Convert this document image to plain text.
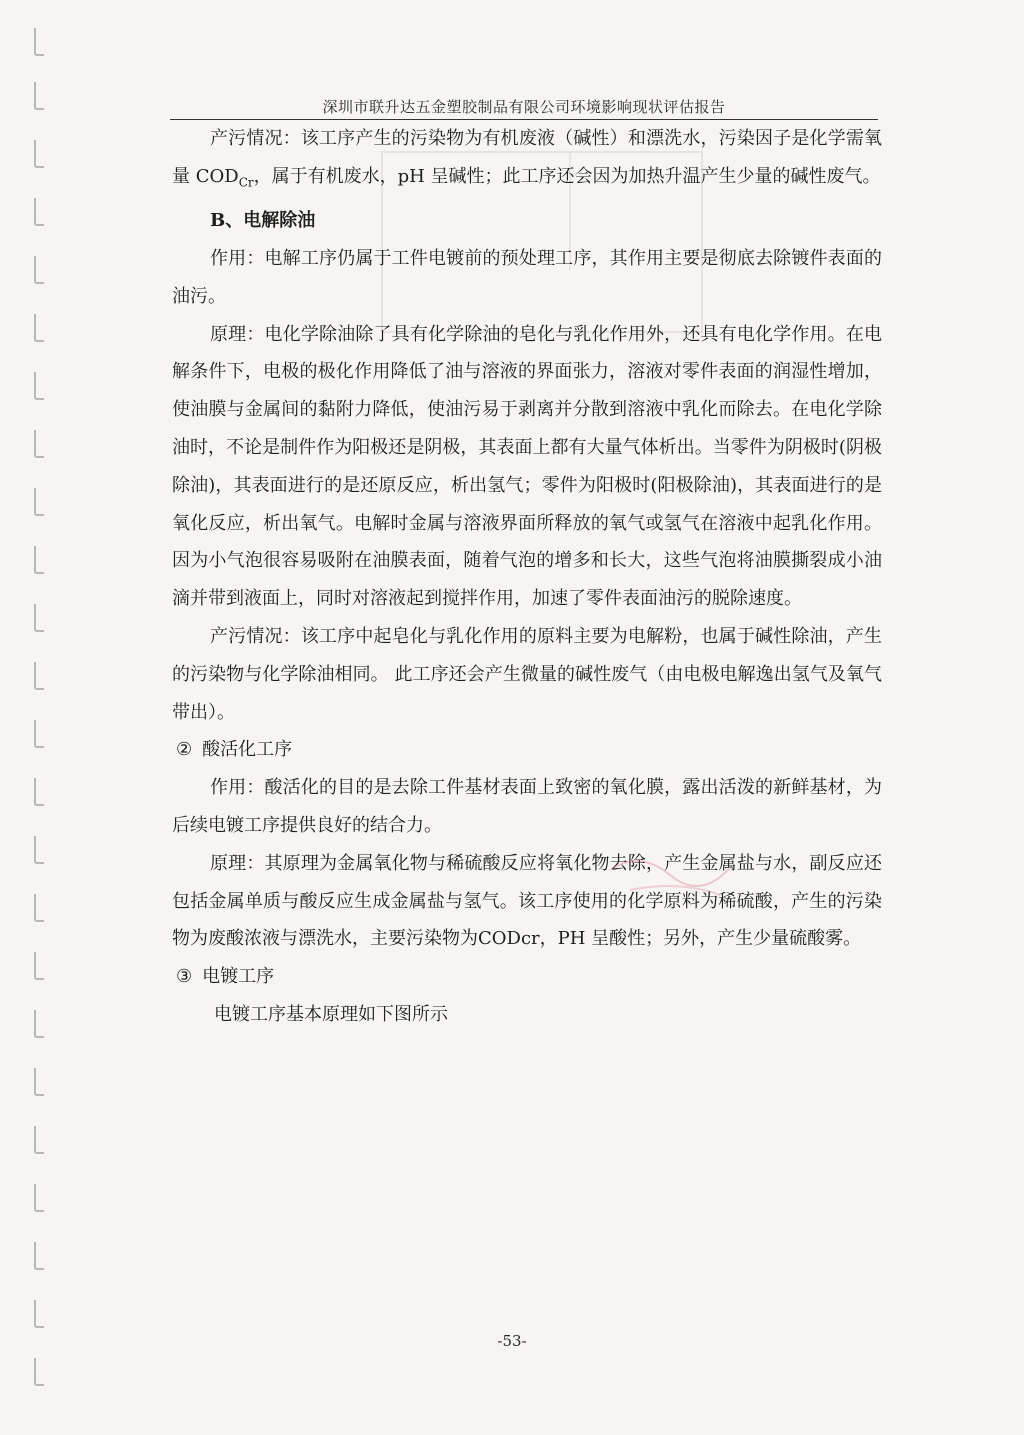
深圳市联升达五金塑胶制品有限公司环境影响现状评估报告

产污情况：该工序产生的污染物为有机废液（碱性）和漂洗水，污染因子是化学需氧量 $COD_{Cr}$，属于有机废水，pH 呈碱性；此工序还会因为加热升温产生少量的碱性废气。

B、电解除油

作用：电解工序仍属于工件电镀前的预处理工序，其作用主要是彻底去除镀件表面的油污。

原理：电化学除油除了具有化学除油的皂化与乳化作用外，还具有电化学作用。在电解条件下，电极的极化作用降低了油与溶液的界面张力，溶液对零件表面的润湿性增加，使油膜与金属间的黏附力降低，使油污易于剥离并分散到溶液中乳化而除去。在电化学除油时，不论是制件作为阳极还是阴极，其表面上都有大量气体析出。当零件为阴极时(阴极除油)，其表面进行的是还原反应，析出氢气；零件为阳极时(阳极除油)，其表面进行的是氧化反应，析出氧气。电解时金属与溶液界面所释放的氧气或氢气在溶液中起乳化作用。因为小气泡很容易吸附在油膜表面，随着气泡的增多和长大，这些气泡将油膜撕裂成小油滴并带到液面上，同时对溶液起到搅拌作用，加速了零件表面油污的脱除速度。

产污情况：该工序中起皂化与乳化作用的原料主要为电解粉，也属于碱性除油，产生的污染物与化学除油相同。 此工序还会产生微量的碱性废气（由电极电解逸出氢气及氧气带出）。

② 酸活化工序

作用：酸活化的目的是去除工件基材表面上致密的氧化膜，露出活泼的新鲜基材，为后续电镀工序提供良好的结合力。

原理：其原理为金属氧化物与稀硫酸反应将氧化物去除，产生金属盐与水，副反应还包括金属单质与酸反应生成金属盐与氢气。该工序使用的化学原料为稀硫酸，产生的污染物为废酸浓液与漂洗水，主要污染物为CODcr，PH 呈酸性；另外，产生少量硫酸雾。

③ 电镀工序

电镀工序基本原理如下图所示

-53-
